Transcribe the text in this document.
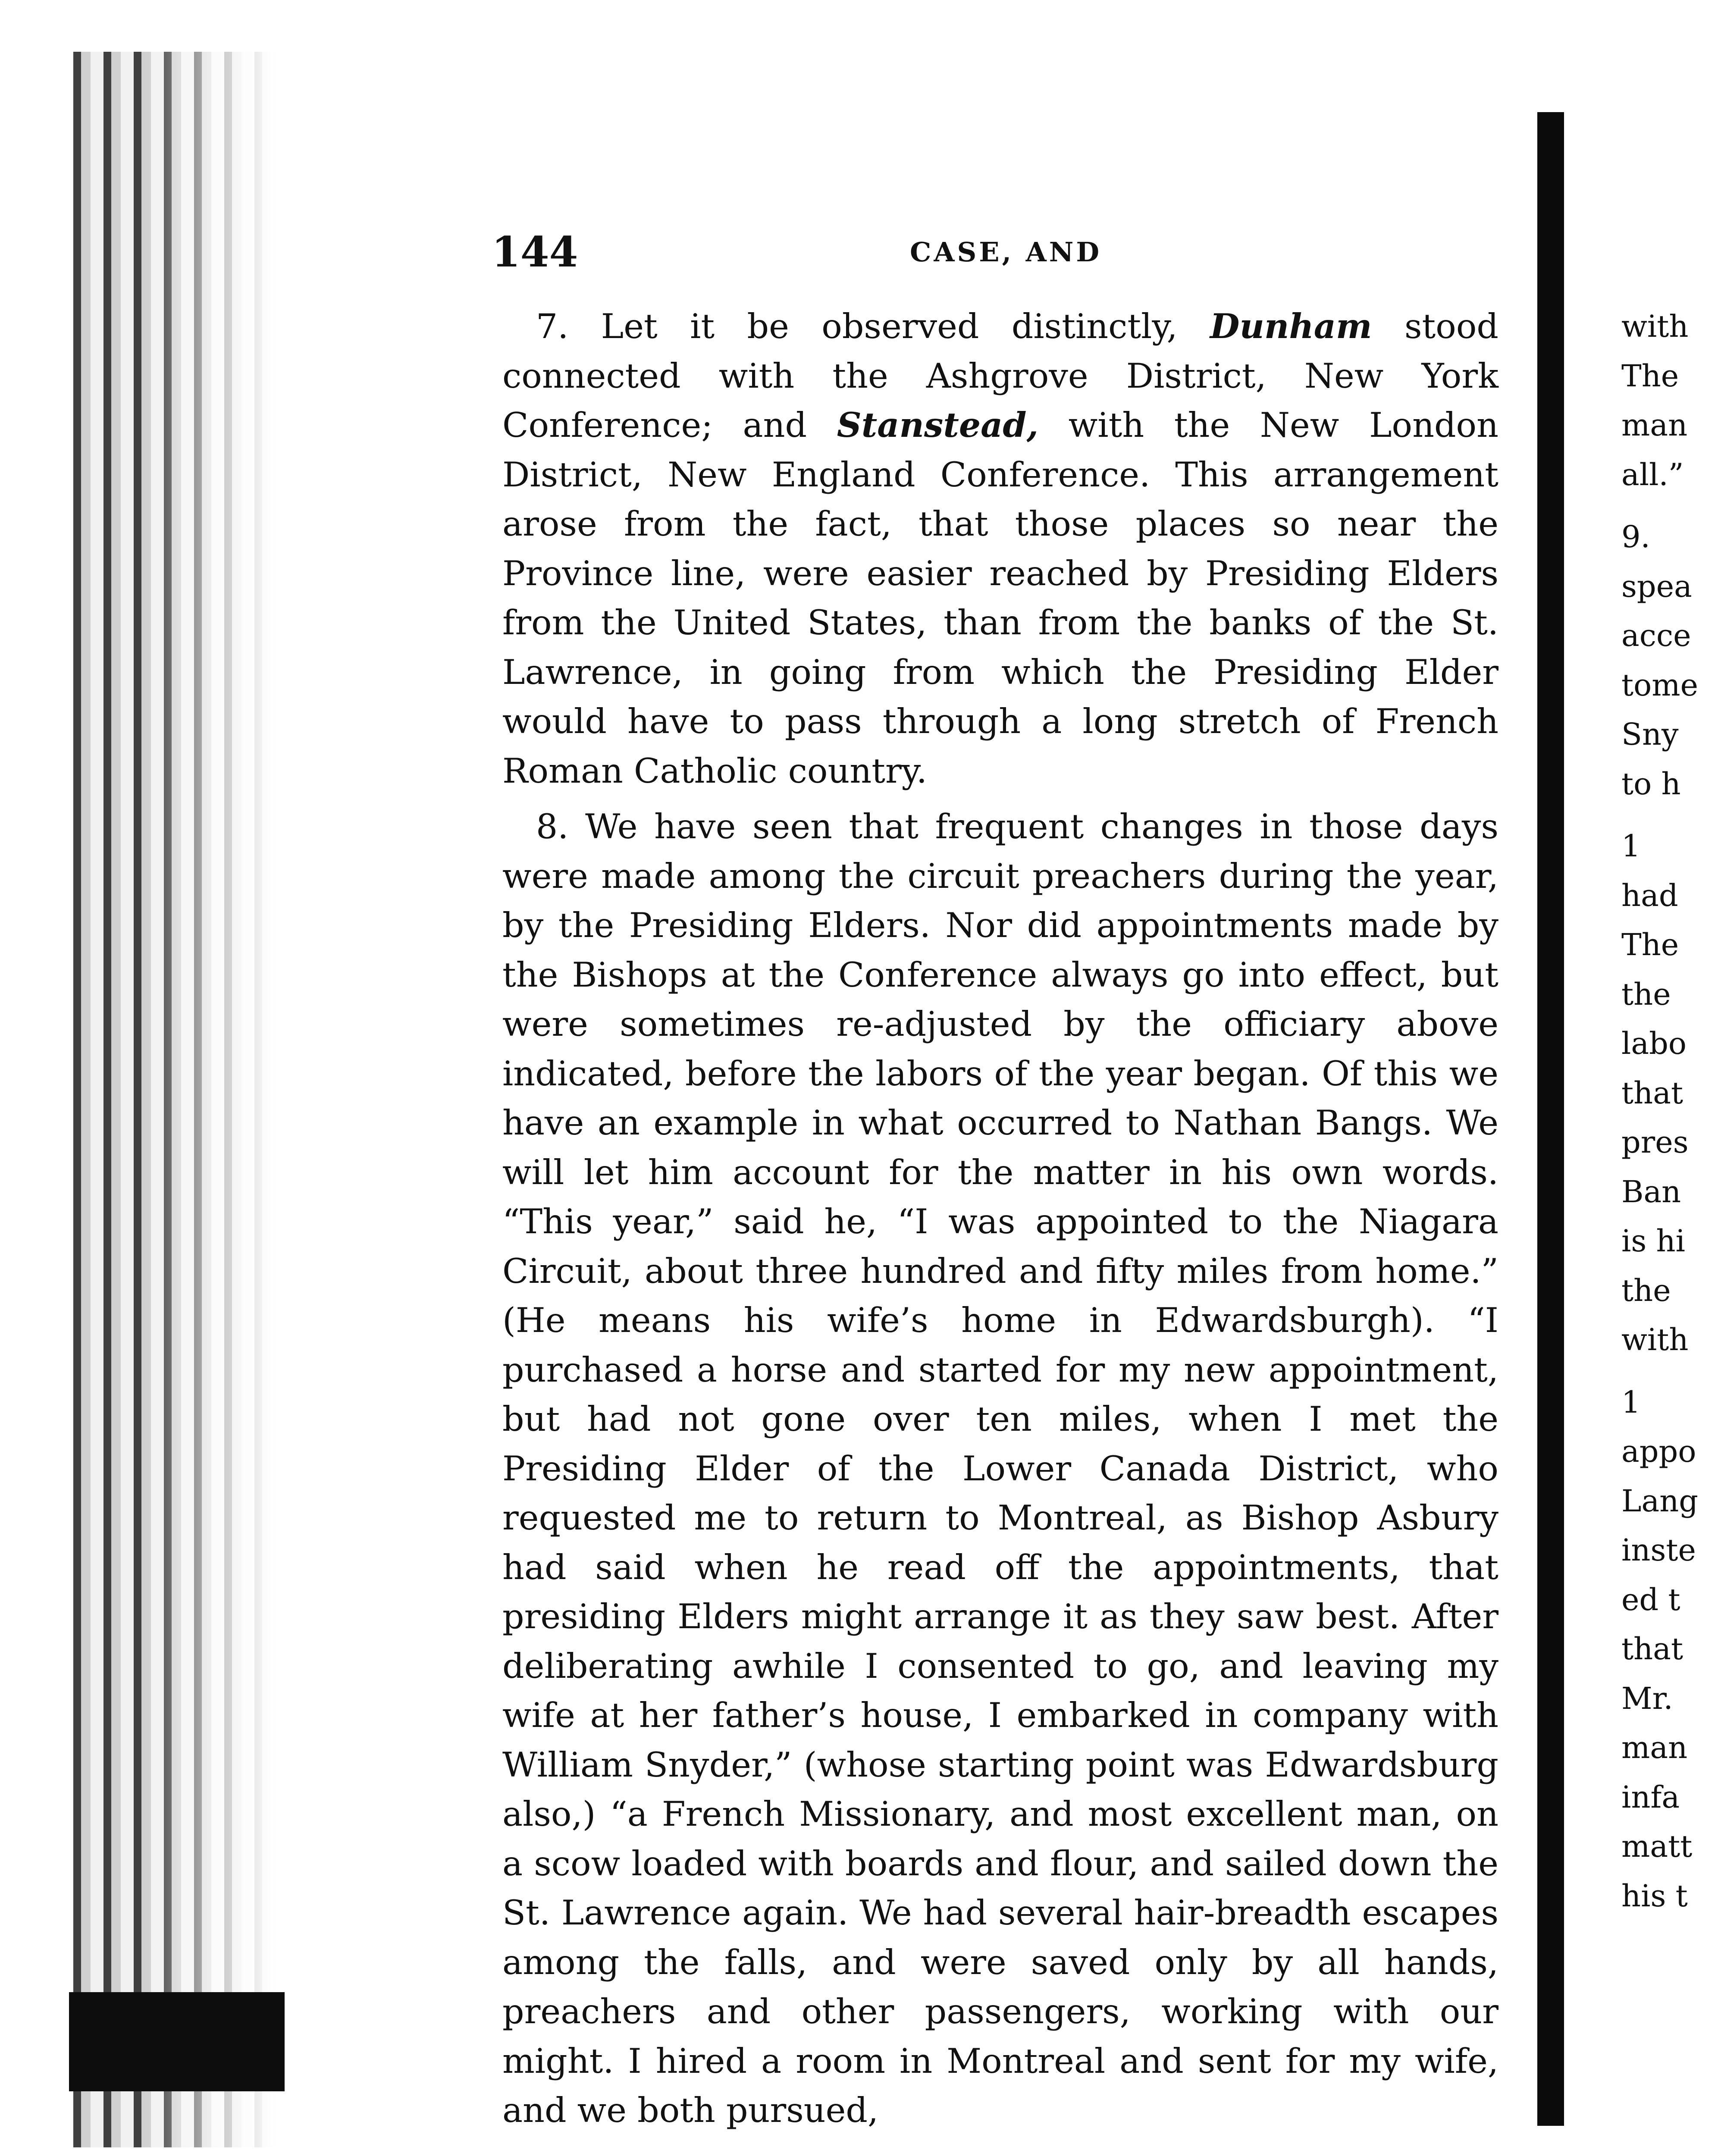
144	CASE, AND

7. Let it be observed distinctly, Dunham stood connected with the Ashgrove District, New York Conference; and Stanstead, with the New London District, New England Conference. This arrangement arose from the fact, that those places so near the Province line, were easier reached by Presiding Elders from the United States, than from the banks of the St. Lawrence, in going from which the Presiding Elder would have to pass through a long stretch of French Roman Catholic country.

8. We have seen that frequent changes in those days were made among the circuit preachers during the year, by the Presiding Elders. Nor did appointments made by the Bishops at the Conference always go into effect, but were sometimes re-adjusted by the officiary above indicated, before the labors of the year began. Of this we have an example in what occurred to Nathan Bangs. We will let him account for the matter in his own words. “This year,” said he, “I was appointed to the Niagara Circuit, about three hundred and fifty miles from home.” (He means his wife’s home in Edwardsburgh). “I purchased a horse and started for my new appointment, but had not gone over ten miles, when I met the Presiding Elder of the Lower Canada District, who requested me to return to Montreal, as Bishop Asbury had said when he read off the appointments, that presiding Elders might arrange it as they saw best. After deliberating awhile I consented to go, and leaving my wife at her father’s house, I embarked in company with William Snyder,” (whose starting point was Edwardsburg also,) “a French Missionary, and most excellent man, on a scow loaded with boards and flour, and sailed down the St. Lawrence again. We had several hair-breadth escapes among the falls, and were saved only by all hands, preachers and other passengers, working with our might. I hired a room in Montreal and sent for my wife, and we both pursued,

with
The
man
all.”
9.
spea
acce
tome
Sny
to h
1
had
The
the
labo
that
pres
Ban
is hi
the
with
1
appo
Lang
inste
ed t
that
Mr.
man
infa
matt
his t
